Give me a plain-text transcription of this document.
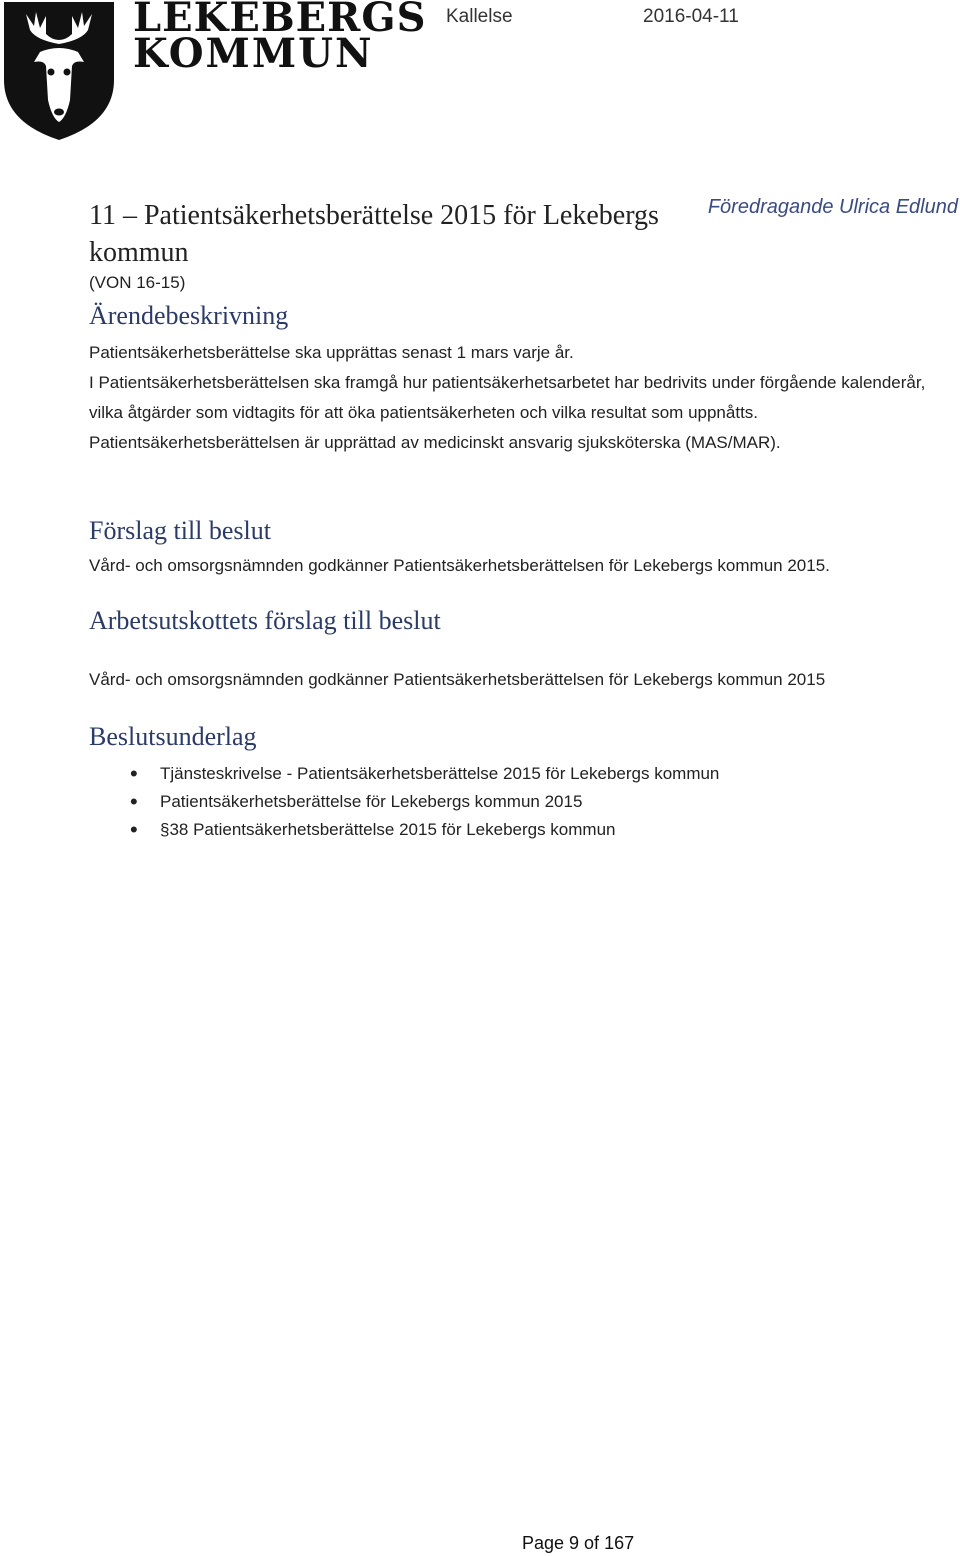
LEKEBERGS
KOMMUN
Kallelse	2016-04-11
11 – Patientsäkerhetsberättelse 2015 för Lekebergs kommun
Föredragande Ulrica Edlund
(VON 16-15)
Ärendebeskrivning
Patientsäkerhetsberättelse ska upprättas senast 1 mars varje år.
I Patientsäkerhetsberättelsen ska framgå hur patientsäkerhetsarbetet har bedrivits under förgående kalenderår, vilka åtgärder som vidtagits för att öka patientsäkerheten och vilka resultat som uppnåtts. Patientsäkerhetsberättelsen är upprättad av medicinskt ansvarig sjuksköterska (MAS/MAR).
Förslag till beslut
Vård- och omsorgsnämnden godkänner Patientsäkerhetsberättelsen för Lekebergs kommun 2015.
Arbetsutskottets förslag till beslut
Vård- och omsorgsnämnden godkänner Patientsäkerhetsberättelsen för Lekebergs kommun 2015
Beslutsunderlag
• Tjänsteskrivelse - Patientsäkerhetsberättelse 2015 för Lekebergs kommun
• Patientsäkerhetsberättelse för Lekebergs kommun 2015
• §38 Patientsäkerhetsberättelse 2015 för Lekebergs kommun
Page 9 of 167
